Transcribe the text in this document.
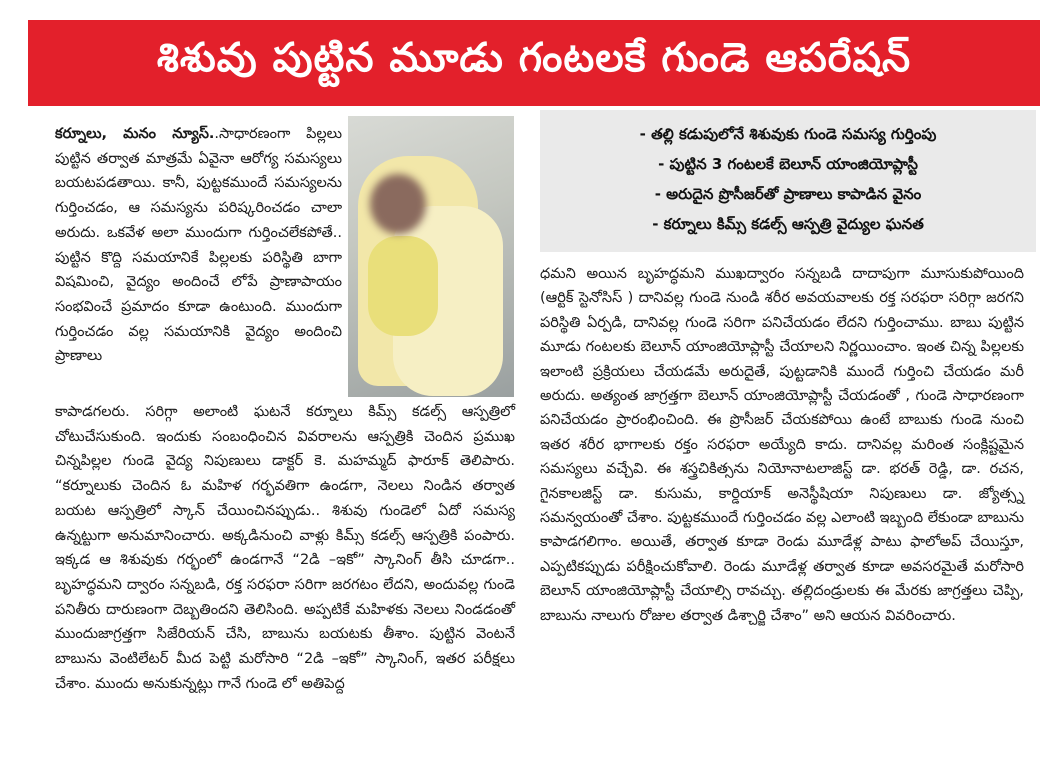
శిశువు పుట్టిన మూడు గంటలకే గుండె ఆపరేషన్

కర్నూలు, మనం న్యూస్..సాధారణంగా పిల్లలు పుట్టిన తర్వాత మాత్రమే ఏవైనా ఆరోగ్య సమస్యలు బయటపడతాయి. కానీ, పుట్టకముందే సమస్యలను గుర్తించడం, ఆ సమస్యను పరిష్కరించడం చాలా అరుదు. ఒకవేళ అలా ముందుగా గుర్తించలేకపోతే.. పుట్టిన కొద్ది సమయానికే పిల్లలకు పరిస్థితి బాగా విషమించి, వైద్యం అందించే లోపే ప్రాణాపాయం సంభవించే ప్రమాదం కూడా ఉంటుంది. ముందుగా గుర్తించడం వల్ల సమయానికి వైద్యం అందించి ప్రాణాలు

కాపాడగలరు. సరిగ్గా అలాంటి ఘటనే కర్నూలు కిమ్స్ కడల్స్ ఆస్పత్రిలో చోటుచేసుకుంది. ఇందుకు సంబంధించిన వివరాలను ఆస్పత్రికి చెందిన ప్రముఖ చిన్నపిల్లల గుండె వైద్య నిపుణులు డాక్టర్ కె. మహమ్మద్ ఫారూక్ తెలిపారు. “కర్నూలుకు చెందిన ఓ మహిళ గర్భవతిగా ఉండగా, నెలలు నిండిన తర్వాత బయట ఆస్పత్రిలో స్కాన్ చేయించినప్పుడు.. శిశువు గుండెలో ఏదో సమస్య ఉన్నట్టుగా అనుమానించారు. అక్కడినుంచి వాళ్లు కిమ్స్ కడల్స్ ఆస్పత్రికి పంపారు. ఇక్కడ ఆ శిశువుకు గర్భంలో ఉండగానే “2డి –ఇకో” స్కానింగ్ తీసి చూడగా.. బృహద్ధమని ద్వారం సన్నబడి, రక్త సరఫరా సరిగా జరగటం లేదని, అందువల్ల గుండె పనితీరు దారుణంగా దెబ్బతిందని తెలిసింది. అప్పటికే మహిళకు నెలలు నిండడంతో ముందుజాగ్రత్తగా సిజేరియన్ చేసి, బాబును బయటకు తీశాం. పుట్టిన వెంటనే బాబును వెంటిలేటర్ మీద పెట్టి మరోసారి “2డి –ఇకో” స్కానింగ్, ఇతర పరీక్షలు చేశాం. ముందు అనుకున్నట్లు గానే గుండె లో అతిపెద్ద

- తల్లి కడుపులోనే శిశువుకు గుండె సమస్య గుర్తింపు
- పుట్టిన 3 గంటలకే బెలూన్ యాంజియోప్లాస్టీ
- అరుదైన ప్రొసీజర్‌తో ప్రాణాలు కాపాడిన వైనం
- కర్నూలు కిమ్స్ కడల్స్ ఆస్పత్రి వైద్యుల ఘనత

ధమని అయిన బృహద్ధమని ముఖద్వారం సన్నబడి దాదాపుగా మూసుకుపోయింది (ఆర్టిక్ స్టెనోసిస్ ) దానివల్ల గుండె నుండి శరీర అవయవాలకు రక్త సరఫరా సరిగ్గా జరగని పరిస్థితి ఏర్పడి, దానివల్ల గుండె సరిగా పనిచేయడం లేదని గుర్తించాము. బాబు పుట్టిన మూడు గంటలకు బెలూన్ యాంజియోప్లాస్టీ చేయాలని నిర్ణయించాం. ఇంత చిన్న పిల్లలకు ఇలాంటి ప్రక్రియలు చేయడమే అరుదైతే, పుట్టడానికి ముందే గుర్తించి చేయడం మరీ అరుదు. అత్యంత జాగ్రత్తగా బెలూన్ యాంజియోప్లాస్టీ చేయడంతో , గుండె సాధారణంగా పనిచేయడం ప్రారంభించింది. ఈ ప్రొసీజర్ చేయకపోయి ఉంటే బాబుకు గుండె నుంచి ఇతర శరీర భాగాలకు రక్తం సరఫరా అయ్యేది కాదు. దానివల్ల మరింత సంక్లిష్టమైన సమస్యలు వచ్చేవి. ఈ శస్త్రచికిత్సను నియోనాటలాజిస్ట్ డా. భరత్ రెడ్డి, డా. రచన, గైనకాలజిస్ట్ డా. కుసుమ, కార్డియాక్ అనెస్థీషియా నిపుణులు డా. జ్యోత్స్న సమన్వయంతో చేశాం. పుట్టకముందే గుర్తించడం వల్ల ఎలాంటి ఇబ్బంది లేకుండా బాబును కాపాడగలిగాం. అయితే, తర్వాత కూడా రెండు మూడేళ్ల పాటు ఫాలోఅప్ చేయిస్తూ, ఎప్పటికప్పుడు పరీక్షించుకోవాలి. రెండు మూడేళ్ల తర్వాత కూడా అవసరమైతే మరోసారి బెలూన్ యాంజియోప్లాస్టీ చేయాల్సి రావచ్చు. తల్లిదండ్రులకు ఈ మేరకు జాగ్రత్తలు చెప్పి, బాబును నాలుగు రోజుల తర్వాత డిశ్చార్జి చేశాం” అని ఆయన వివరించారు.
